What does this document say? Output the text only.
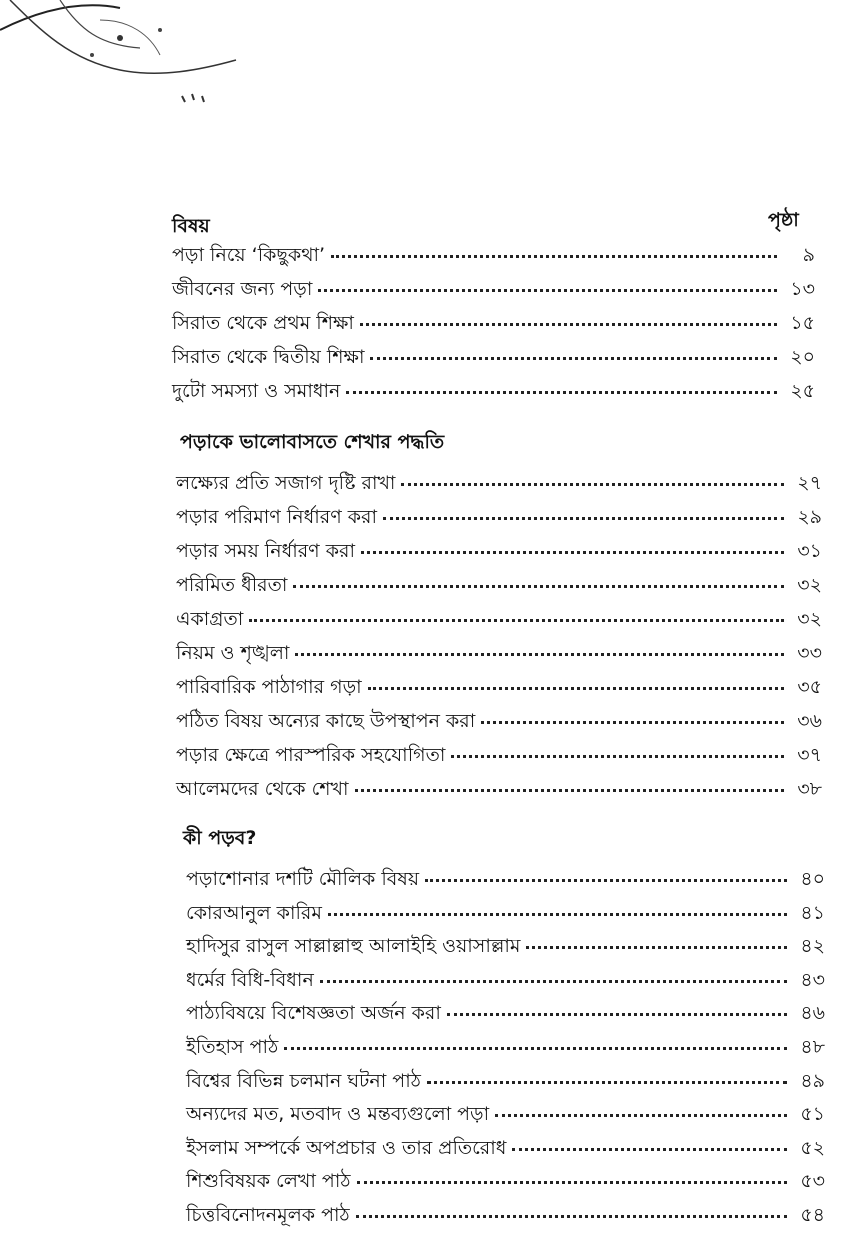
বিষয়	পৃষ্ঠা
পড়া নিয়ে ‘কিছুকথা’	৯
জীবনের জন্য পড়া	১৩
সিরাত থেকে প্রথম শিক্ষা	১৫
সিরাত থেকে দ্বিতীয় শিক্ষা	২০
দুটো সমস্যা ও সমাধান	২৫
পড়াকে ভালোবাসতে শেখার পদ্ধতি
লক্ষ্যের প্রতি সজাগ দৃষ্টি রাখা	২৭
পড়ার পরিমাণ নির্ধারণ করা	২৯
পড়ার সময় নির্ধারণ করা	৩১
পরিমিত ধীরতা	৩২
একাগ্রতা	৩২
নিয়ম ও শৃঙ্খলা	৩৩
পারিবারিক পাঠাগার গড়া	৩৫
পঠিত বিষয় অন্যের কাছে উপস্থাপন করা	৩৬
পড়ার ক্ষেত্রে পারস্পরিক সহযোগিতা	৩৭
আলেমদের থেকে শেখা	৩৮
কী পড়ব?
পড়াশোনার দশটি মৌলিক বিষয়	৪০
কোরআনুল কারিম	৪১
হাদিসুর রাসুল সাল্লাল্লাহু আলাইহি ওয়াসাল্লাম	৪২
ধর্মের বিধি-বিধান	৪৩
পাঠ্যবিষয়ে বিশেষজ্ঞতা অর্জন করা	৪৬
ইতিহাস পাঠ	৪৮
বিশ্বের বিভিন্ন চলমান ঘটনা পাঠ	৪৯
অন্যদের মত, মতবাদ ও মন্তব্যগুলো পড়া	৫১
ইসলাম সম্পর্কে অপপ্রচার ও তার প্রতিরোধ	৫২
শিশুবিষয়ক লেখা পাঠ	৫৩
চিত্তবিনোদনমূলক পাঠ	৫৪
